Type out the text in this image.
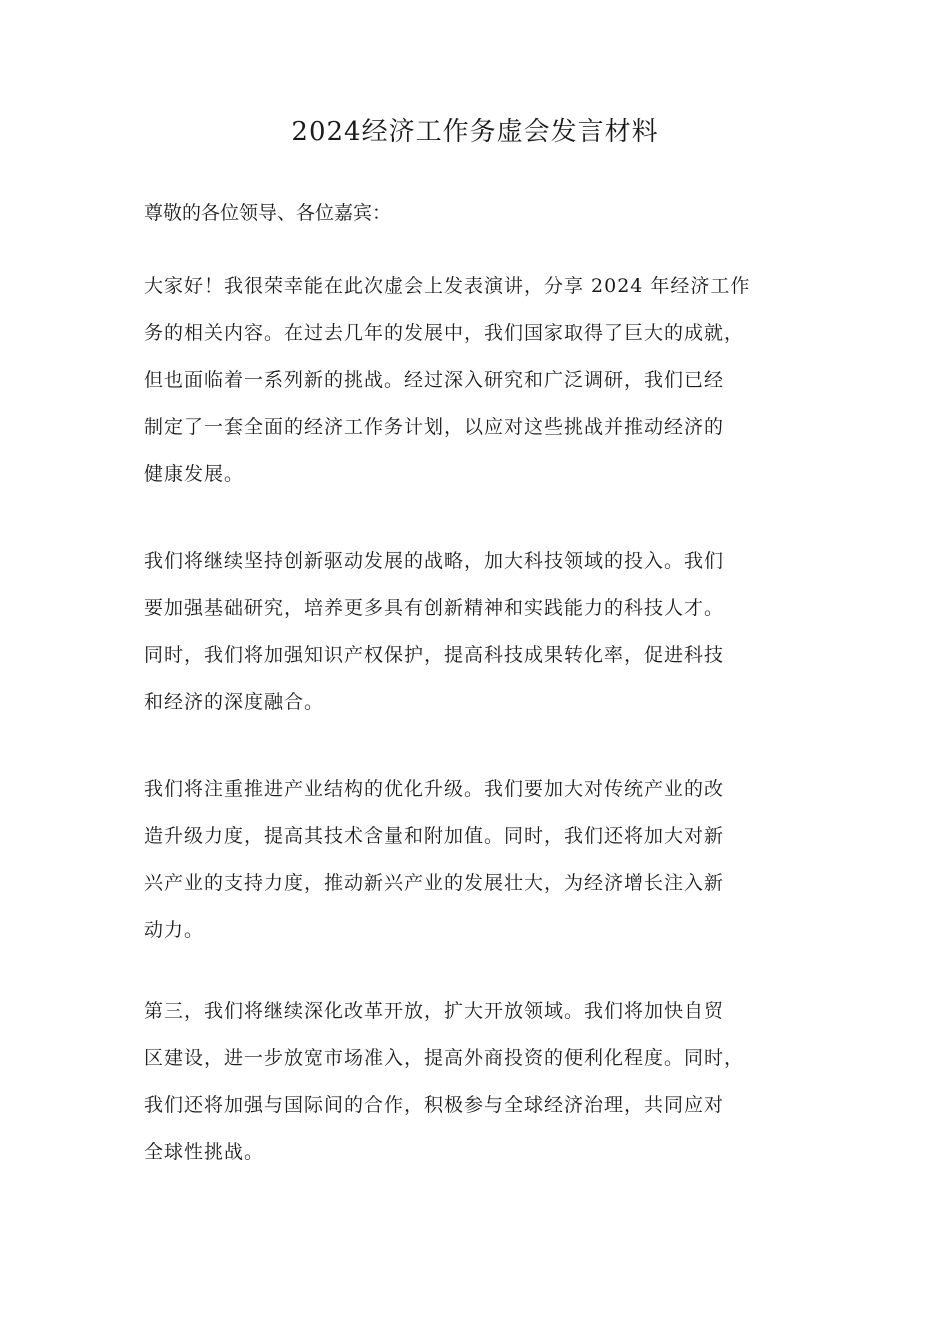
2024经济工作务虚会发言材料
尊敬的各位领导、各位嘉宾：
大家好！我很荣幸能在此次虚会上发表演讲，分享 2024 年经济工作
务的相关内容。在过去几年的发展中，我们国家取得了巨大的成就，
但也面临着一系列新的挑战。经过深入研究和广泛调研，我们已经
制定了一套全面的经济工作务计划，以应对这些挑战并推动经济的
健康发展。
我们将继续坚持创新驱动发展的战略，加大科技领域的投入。我们
要加强基础研究，培养更多具有创新精神和实践能力的科技人才。
同时，我们将加强知识产权保护，提高科技成果转化率，促进科技
和经济的深度融合。
我们将注重推进产业结构的优化升级。我们要加大对传统产业的改
造升级力度，提高其技术含量和附加值。同时，我们还将加大对新
兴产业的支持力度，推动新兴产业的发展壮大，为经济增长注入新
动力。
第三，我们将继续深化改革开放，扩大开放领域。我们将加快自贸
区建设，进一步放宽市场准入，提高外商投资的便利化程度。同时，
我们还将加强与国际间的合作，积极参与全球经济治理，共同应对
全球性挑战。
